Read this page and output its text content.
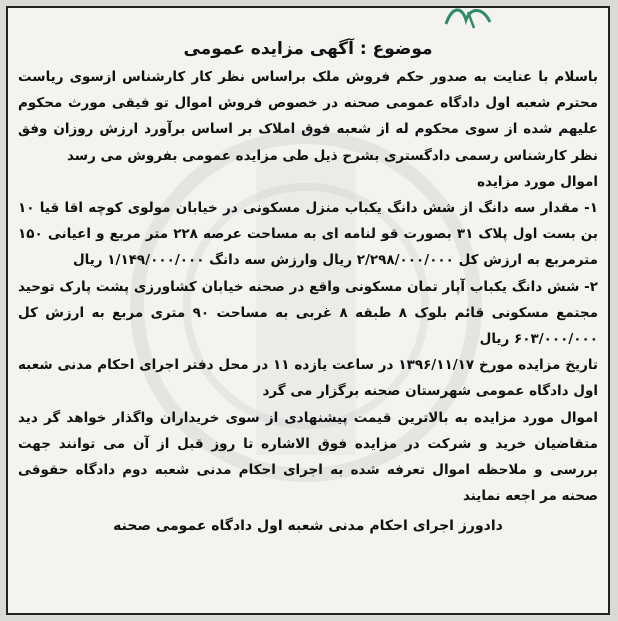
موضوع : آگهی مزایده عمومی

باسلام با عنایت به صدور حکم فروش ملک براساس نظر کار کارشناس ازسوی ریاست محترم شعبه اول دادگاه عمومی صحنه در خصوص فروش اموال تو فیقی مورث محکوم علیهم شده از سوی محکوم له از شعبه فوق املاک بر اساس برآورد ارزش روزان وفق نظر کارشناس رسمی دادگستری بشرح ذیل طی مزایده عمومی بفروش می رسد

اموال مورد مزایده

۱- مقدار سه دانگ از شش دانگ یکباب منزل مسکونی در خیابان مولوی کوچه اقا قیا ۱۰ بن بست اول پلاک ۳۱ بصورت قو لنامه ای به مساحت عرصه ۲۲۸ متر مربع و اعیانی ۱۵۰ مترمربع به ارزش کل ۲/۲۹۸/۰۰۰/۰۰۰ ریال وارزش سه دانگ ۱/۱۴۹/۰۰۰/۰۰۰ ریال

۲- شش دانگ یکباب آپار تمان مسکونی واقع در صحنه خیابان کشاورزی پشت پارک توحید مجتمع مسکونی قائم بلوک ۸ طبقه ۸ غربی به مساحت ۹۰ متری مربع به ارزش کل ۶۰۳/۰۰۰/۰۰۰ ریال

تاریخ مزایده مورخ ۱۳۹۶/۱۱/۱۷ در ساعت یازده ۱۱ در محل دفتر اجرای احکام مدنی شعبه اول دادگاه عمومی شهرستان صحنه برگزار می گرد

اموال مورد مزایده به بالاترین قیمت پیشنهادی از سوی خریداران واگذار خواهد گر دید متقاضیان خرید و شرکت در مزایده فوق الاشاره تا روز قبل از آن می توانند جهت بررسی و ملاحظه اموال تعرفه شده به اجرای احکام مدنی شعبه دوم دادگاه حقوقی صحنه مر اجعه نمایند

دادورز اجرای احکام مدنی شعبه اول دادگاه عمومی صحنه
